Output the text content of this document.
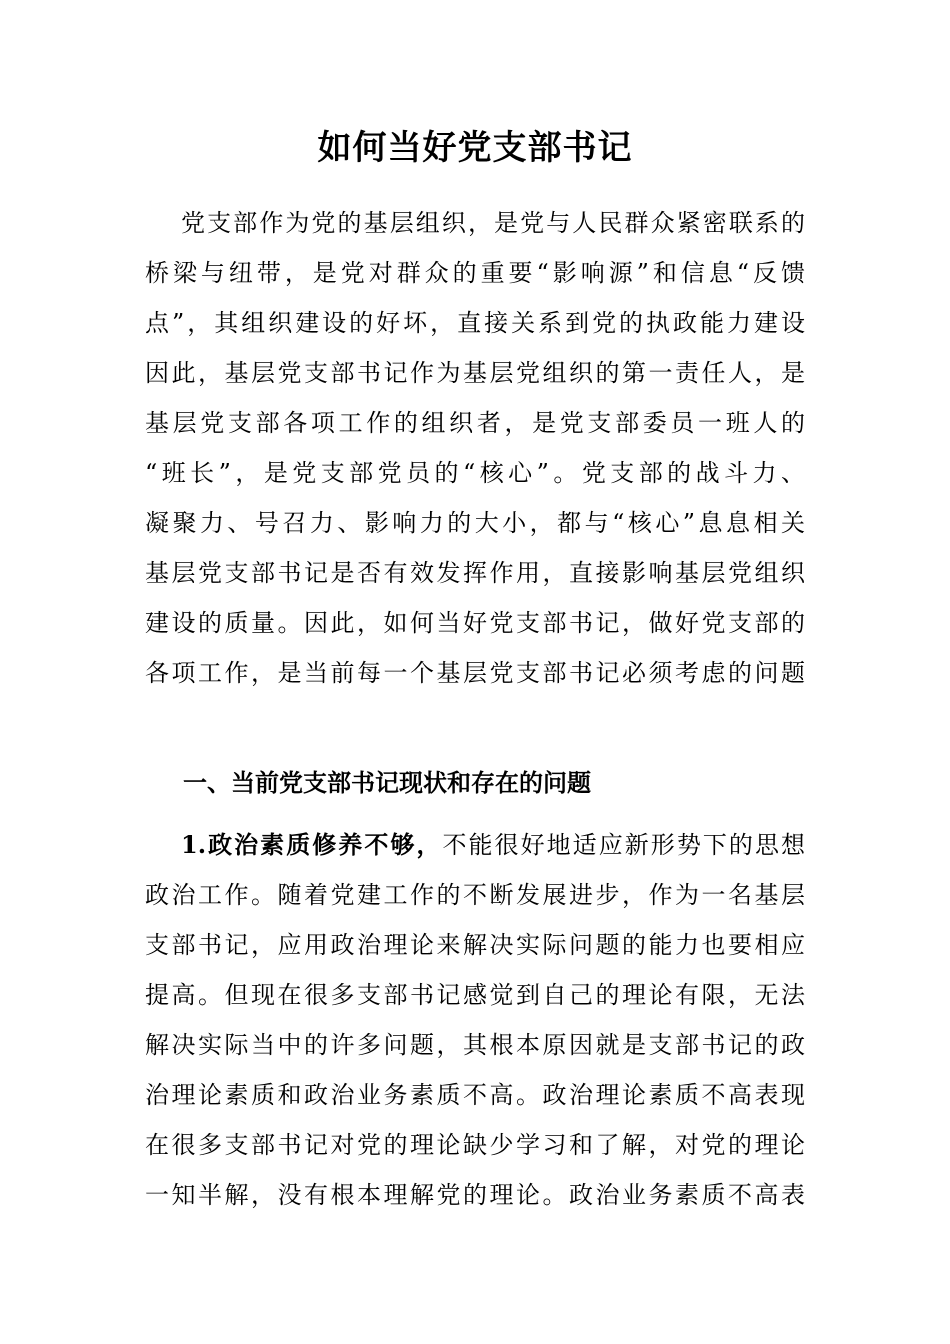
如何当好党支部书记
党支部作为党的基层组织，是党与人民群众紧密联系的
桥梁与纽带，是党对群众的重要“影响源”和信息“反馈
点”，其组织建设的好坏，直接关系到党的执政能力建设
因此，基层党支部书记作为基层党组织的第一责任人，是
基层党支部各项工作的组织者，是党支部委员一班人的
“班长”，是党支部党员的“核心”。党支部的战斗力、
凝聚力、号召力、影响力的大小，都与“核心”息息相关
基层党支部书记是否有效发挥作用，直接影响基层党组织
建设的质量。因此，如何当好党支部书记，做好党支部的
各项工作，是当前每一个基层党支部书记必须考虑的问题
一、当前党支部书记现状和存在的问题
1.政治素质修养不够，不能很好地适应新形势下的思想
政治工作。随着党建工作的不断发展进步，作为一名基层
支部书记，应用政治理论来解决实际问题的能力也要相应
提高。但现在很多支部书记感觉到自己的理论有限，无法
解决实际当中的许多问题，其根本原因就是支部书记的政
治理论素质和政治业务素质不高。政治理论素质不高表现
在很多支部书记对党的理论缺少学习和了解，对党的理论
一知半解，没有根本理解党的理论。政治业务素质不高表
